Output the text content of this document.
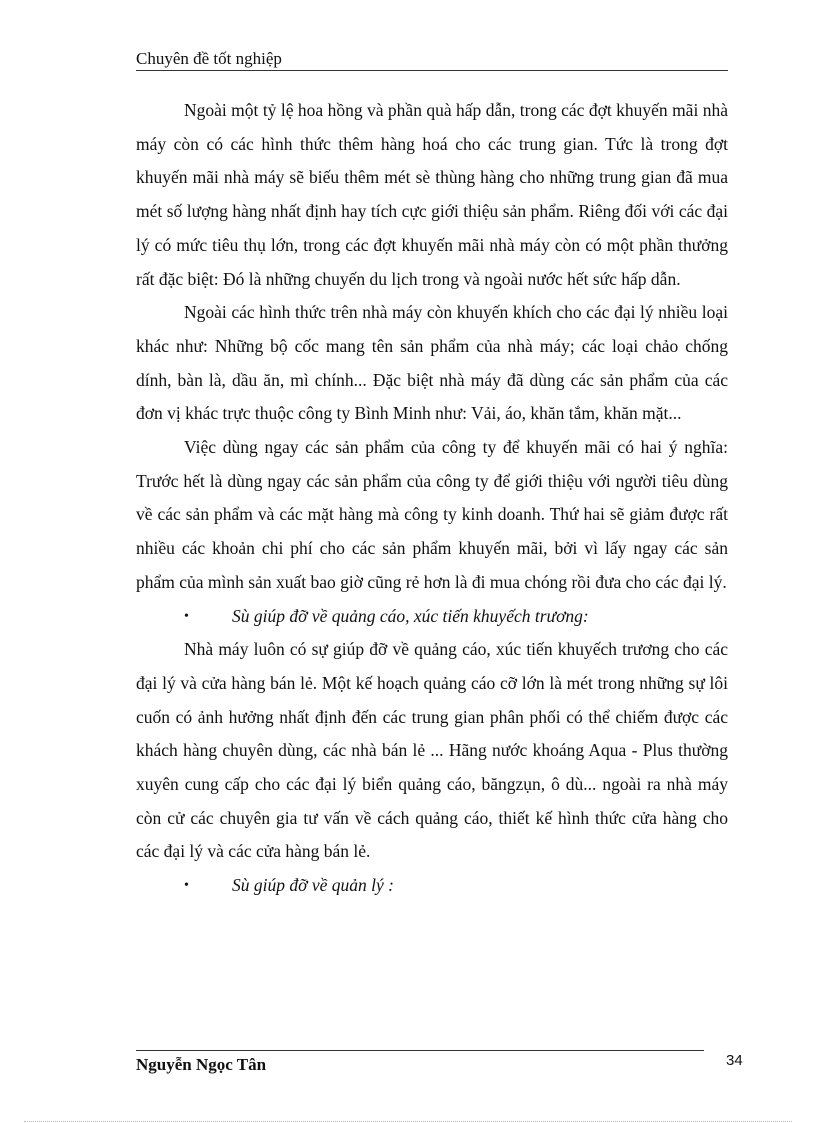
Chuyên đề tốt nghiệp

Ngoài một tỷ lệ hoa hồng và phần quà hấp dẫn, trong các đợt khuyến mãi nhà máy còn có các hình thức thêm hàng hoá cho các trung gian. Tức là trong đợt khuyến mãi nhà máy sẽ biếu thêm mét sè thùng hàng cho những trung gian đã mua mét số lượng hàng nhất định hay tích cực giới thiệu sản phẩm. Riêng đối với các đại lý có mức tiêu thụ lớn, trong các đợt khuyến mãi nhà máy còn có một phần thưởng rất đặc biệt: Đó là những chuyến du lịch trong và ngoài nước hết sức hấp dẫn.

Ngoài các hình thức trên nhà máy còn khuyến khích cho các đại lý nhiều loại khác như: Những bộ cốc mang tên sản phẩm của nhà máy; các loại chảo chống dính, bàn là, dầu ăn, mì chính... Đặc biệt nhà máy đã dùng các sản phẩm của các đơn vị khác trực thuộc công ty Bình Minh như: Vải, áo, khăn tắm, khăn mặt...

Việc dùng ngay các sản phẩm của công ty để khuyến mãi có hai ý nghĩa: Trước hết là dùng ngay các sản phẩm của công ty để giới thiệu với người tiêu dùng về các sản phẩm và các mặt hàng mà công ty kinh doanh. Thứ hai sẽ giảm được rất nhiều các khoản chi phí cho các sản phẩm khuyến mãi, bởi vì lấy ngay các sản phẩm của mình sản xuất bao giờ cũng rẻ hơn là đi mua chóng rồi đưa cho các đại lý.

• Sù giúp đỡ về quảng cáo, xúc tiến khuyếch trương:

Nhà máy luôn có sự giúp đỡ về quảng cáo, xúc tiến khuyếch trương cho các đại lý và cửa hàng bán lẻ. Một kế hoạch quảng cáo cỡ lớn là mét trong những sự lôi cuốn có ảnh hưởng nhất định đến các trung gian phân phối có thể chiếm được các khách hàng chuyên dùng, các nhà bán lẻ ... Hãng nước khoáng Aqua - Plus thường xuyên cung cấp cho các đại lý biển quảng cáo, băngzụn, ô dù... ngoài ra nhà máy còn cử các chuyên gia tư vấn về cách quảng cáo, thiết kế hình thức cửa hàng cho các đại lý và các cửa hàng bán lẻ.

• Sù giúp đỡ về quản lý :

Nguyễn Ngọc Tân	34
